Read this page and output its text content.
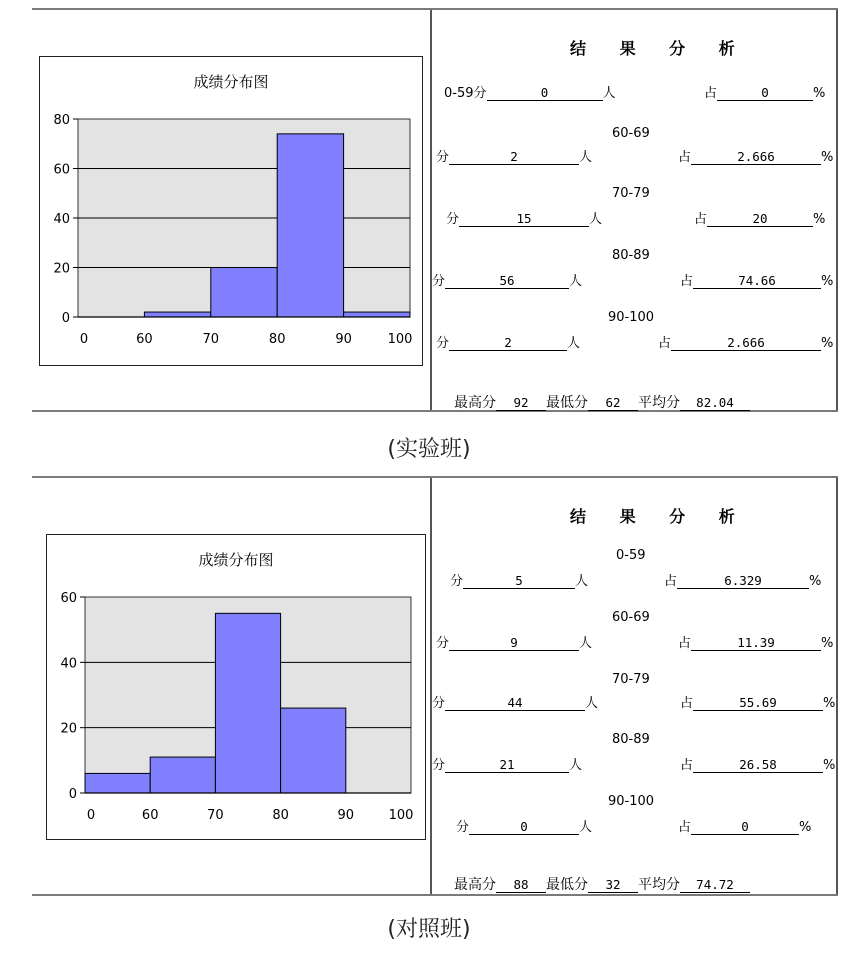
成绩分布图
0
20
40
60
80
0	60	70	80	90	100
结 果 分 析
0-59分	0	人	占	0	%
60-69
分	2	人	占	2.666	%
70-79
分	15	人	占	20	%
80-89
分	56	人	占	74.66	%
90-100
分	2	人	占	2.666	%
最高分 92 最低分 62 平均分 82.04
(实验班)
成绩分布图
0
20
40
60
0	60	70	80	90	100
结 果 分 析
0-59
分	5	人	占	6.329	%
60-69
分	9	人	占	11.39	%
70-79
分	44	人	占	55.69	%
80-89
分	21	人	占	26.58	%
90-100
分	0	人	占	0	%
最高分 88 最低分 32 平均分 74.72
(对照班)
